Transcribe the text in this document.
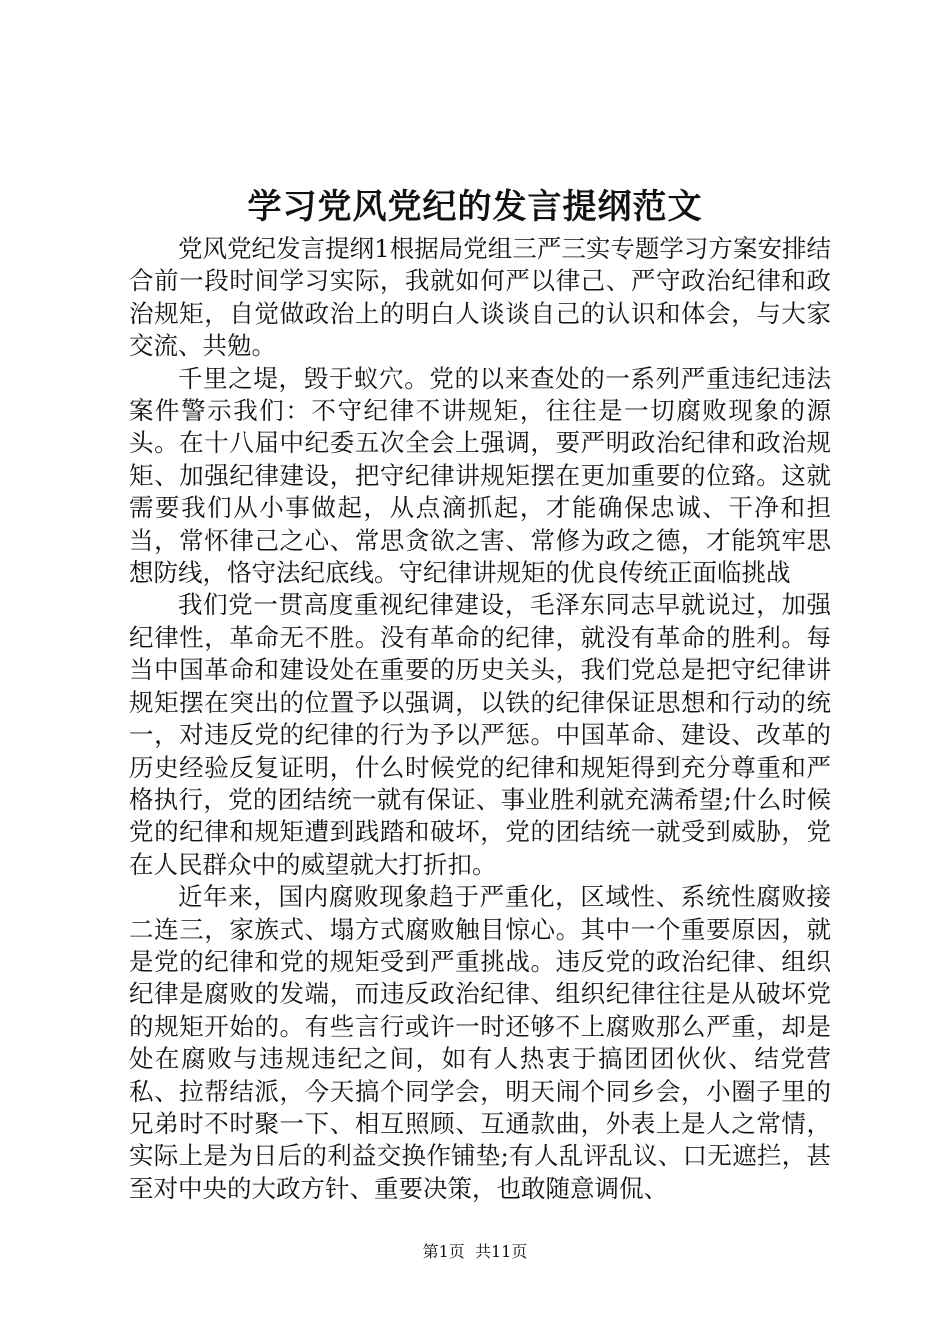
学习党风党纪的发言提纲范文

党风党纪发言提纲1根据局党组三严三实专题学习方案安排结合前一段时间学习实际，我就如何严以律己、严守政治纪律和政治规矩，自觉做政治上的明白人谈谈自己的认识和体会，与大家交流、共勉。

千里之堤，毁于蚁穴。党的以来查处的一系列严重违纪违法案件警示我们：不守纪律不讲规矩，往往是一切腐败现象的源头。在十八届中纪委五次全会上强调，要严明政治纪律和政治规矩、加强纪律建设，把守纪律讲规矩摆在更加重要的位臵。这就需要我们从小事做起，从点滴抓起，才能确保忠诚、干净和担当，常怀律己之心、常思贪欲之害、常修为政之德，才能筑牢思想防线，恪守法纪底线。守纪律讲规矩的优良传统正面临挑战

我们党一贯高度重视纪律建设，毛泽东同志早就说过，加强纪律性，革命无不胜。没有革命的纪律，就没有革命的胜利。每当中国革命和建设处在重要的历史关头，我们党总是把守纪律讲规矩摆在突出的位置予以强调，以铁的纪律保证思想和行动的统一，对违反党的纪律的行为予以严惩。中国革命、建设、改革的历史经验反复证明，什么时候党的纪律和规矩得到充分尊重和严格执行，党的团结统一就有保证、事业胜利就充满希望;什么时候党的纪律和规矩遭到践踏和破坏，党的团结统一就受到威胁，党在人民群众中的威望就大打折扣。

近年来，国内腐败现象趋于严重化，区域性、系统性腐败接二连三，家族式、塌方式腐败触目惊心。其中一个重要原因，就是党的纪律和党的规矩受到严重挑战。违反党的政治纪律、组织纪律是腐败的发端，而违反政治纪律、组织纪律往往是从破坏党的规矩开始的。有些言行或许一时还够不上腐败那么严重，却是处在腐败与违规违纪之间，如有人热衷于搞团团伙伙、结党营私、拉帮结派，今天搞个同学会，明天闹个同乡会，小圈子里的兄弟时不时聚一下、相互照顾、互通款曲，外表上是人之常情，实际上是为日后的利益交换作铺垫;有人乱评乱议、口无遮拦，甚至对中央的大政方针、重要决策，也敢随意调侃、

第1页 共11页
